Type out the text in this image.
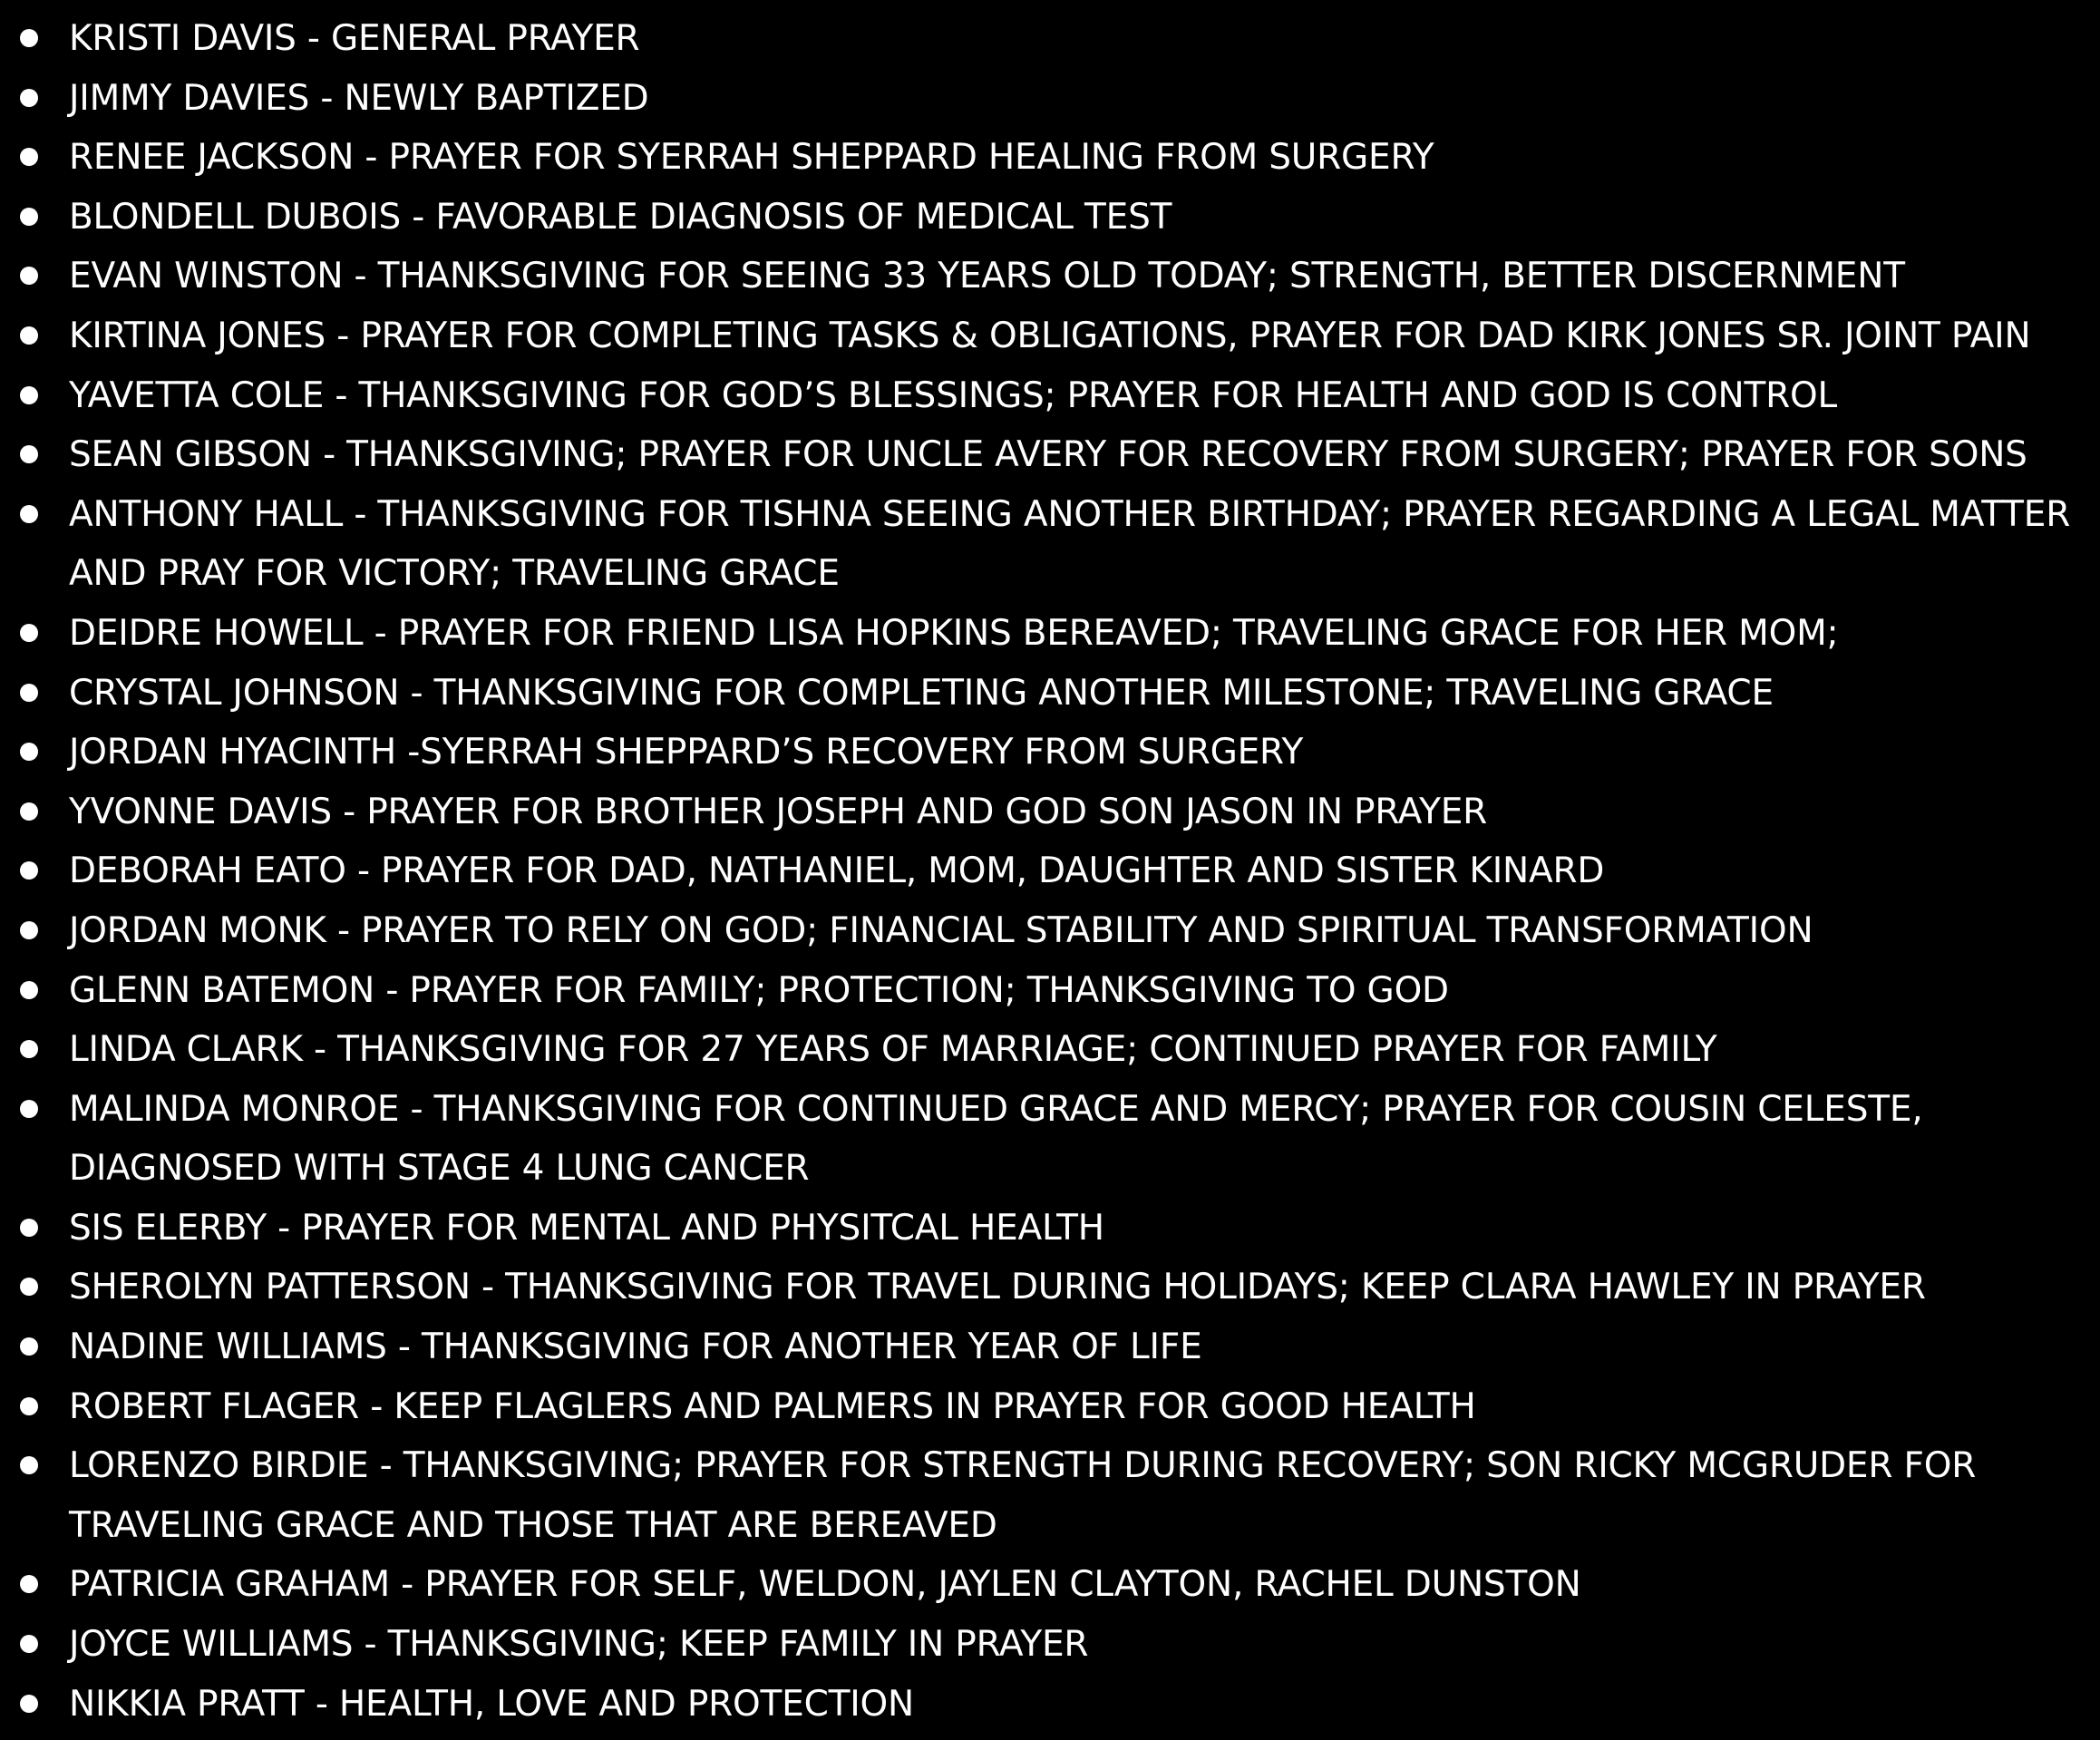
KRISTI DAVIS - GENERAL PRAYER
JIMMY DAVIES - NEWLY BAPTIZED
RENEE JACKSON - PRAYER FOR SYERRAH SHEPPARD HEALING FROM SURGERY
BLONDELL DUBOIS - FAVORABLE DIAGNOSIS OF MEDICAL TEST
EVAN WINSTON - THANKSGIVING FOR SEEING 33 YEARS OLD TODAY; STRENGTH, BETTER DISCERNMENT
KIRTINA JONES - PRAYER FOR COMPLETING TASKS & OBLIGATIONS, PRAYER FOR DAD KIRK JONES SR. JOINT PAIN
YAVETTA COLE - THANKSGIVING FOR GOD’S BLESSINGS; PRAYER FOR HEALTH AND GOD IS CONTROL
SEAN GIBSON - THANKSGIVING; PRAYER FOR UNCLE AVERY FOR RECOVERY FROM SURGERY; PRAYER FOR SONS
ANTHONY HALL - THANKSGIVING FOR TISHNA SEEING ANOTHER BIRTHDAY; PRAYER REGARDING A LEGAL MATTER
AND PRAY FOR VICTORY; TRAVELING GRACE
DEIDRE HOWELL - PRAYER FOR FRIEND LISA HOPKINS BEREAVED; TRAVELING GRACE FOR HER MOM;
CRYSTAL JOHNSON - THANKSGIVING FOR COMPLETING ANOTHER MILESTONE; TRAVELING GRACE
JORDAN HYACINTH -SYERRAH SHEPPARD’S RECOVERY FROM SURGERY
YVONNE DAVIS - PRAYER FOR BROTHER JOSEPH AND GOD SON JASON IN PRAYER
DEBORAH EATO - PRAYER FOR DAD, NATHANIEL, MOM, DAUGHTER AND SISTER KINARD
JORDAN MONK - PRAYER TO RELY ON GOD; FINANCIAL STABILITY AND SPIRITUAL TRANSFORMATION
GLENN BATEMON - PRAYER FOR FAMILY; PROTECTION; THANKSGIVING TO GOD
LINDA CLARK - THANKSGIVING FOR 27 YEARS OF MARRIAGE; CONTINUED PRAYER FOR FAMILY
MALINDA MONROE - THANKSGIVING FOR CONTINUED GRACE AND MERCY; PRAYER FOR COUSIN CELESTE,
DIAGNOSED WITH STAGE 4 LUNG CANCER
SIS ELERBY - PRAYER FOR MENTAL AND PHYSITCAL HEALTH
SHEROLYN PATTERSON - THANKSGIVING FOR TRAVEL DURING HOLIDAYS; KEEP CLARA HAWLEY IN PRAYER
NADINE WILLIAMS - THANKSGIVING FOR ANOTHER YEAR OF LIFE
ROBERT FLAGER - KEEP FLAGLERS AND PALMERS IN PRAYER FOR GOOD HEALTH
LORENZO BIRDIE - THANKSGIVING; PRAYER FOR STRENGTH DURING RECOVERY; SON RICKY MCGRUDER FOR
TRAVELING GRACE AND THOSE THAT ARE BEREAVED
PATRICIA GRAHAM - PRAYER FOR SELF, WELDON, JAYLEN CLAYTON, RACHEL DUNSTON
JOYCE WILLIAMS - THANKSGIVING; KEEP FAMILY IN PRAYER
NIKKIA PRATT - HEALTH, LOVE AND PROTECTION
